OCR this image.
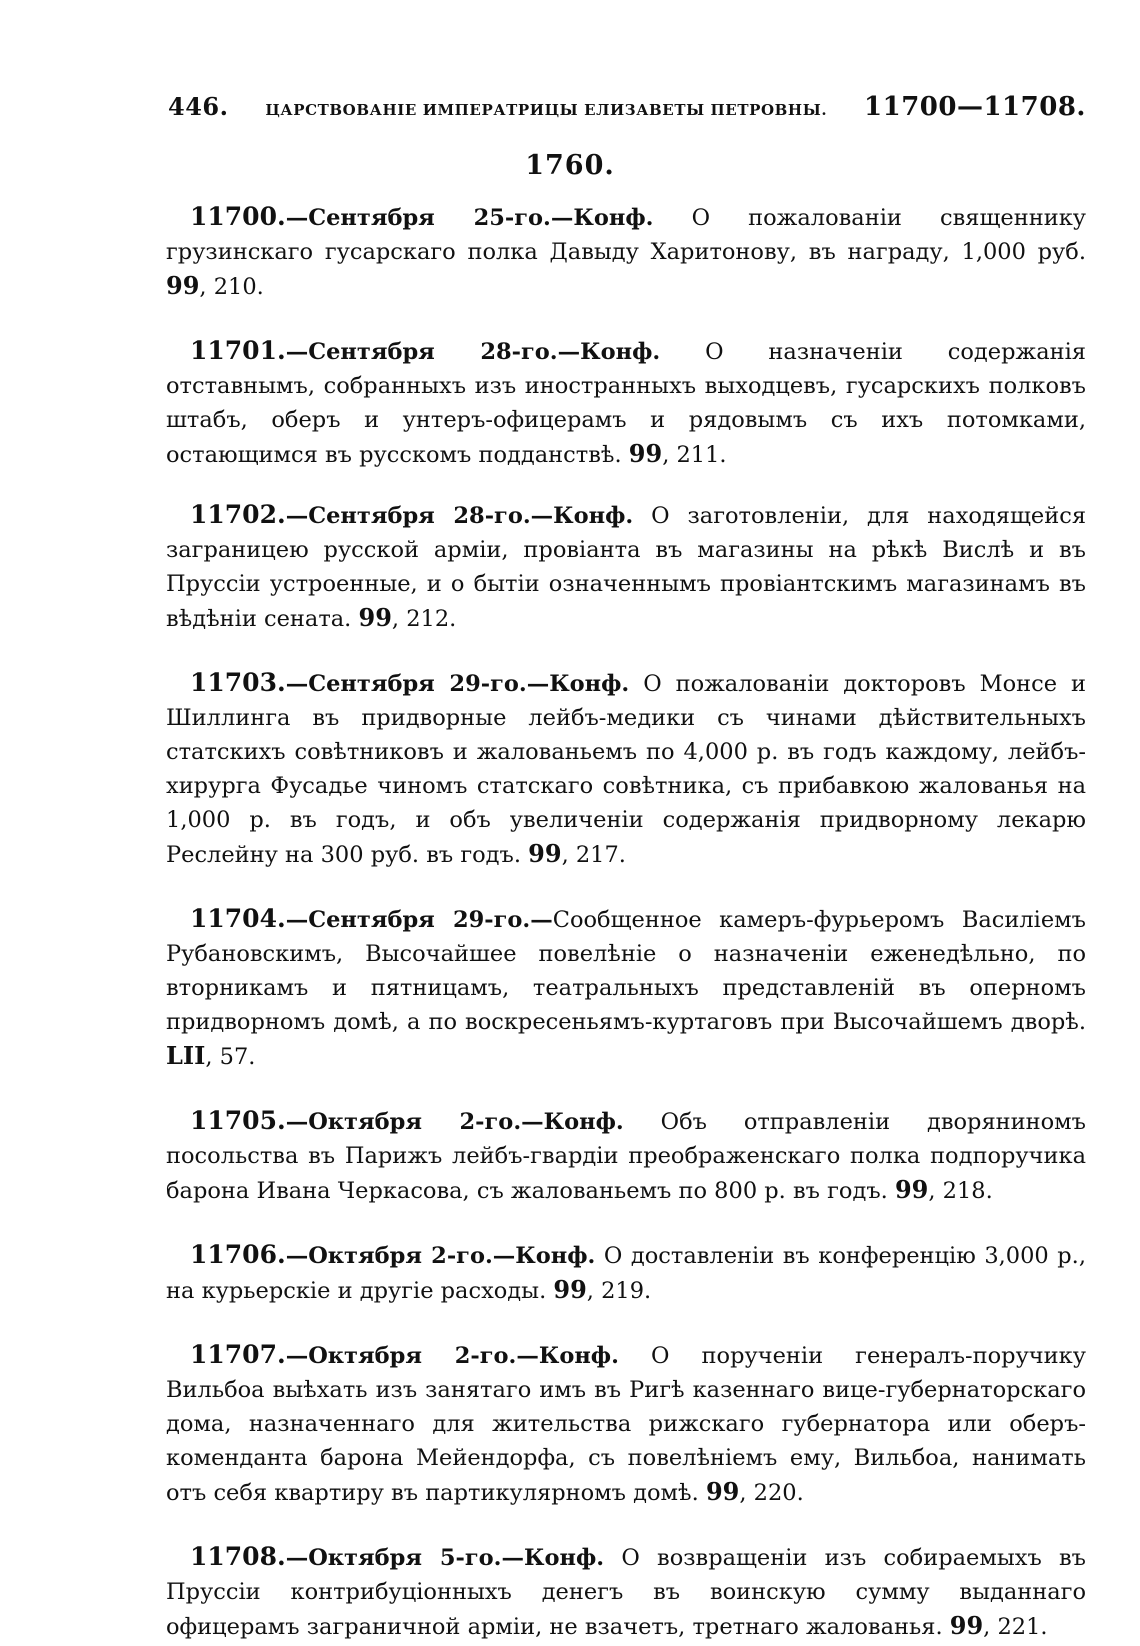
446. ЦАРСТВОВАНІЕ ИМПЕРАТРИЦЫ ЕЛИЗАВЕТЫ ПЕТРОВНЫ. 11700—11708.
1760.

11700.—Сентября 25-го.—Конф. О пожалованіи священнику грузинскаго гусарскаго полка Давыду Харитонову, въ награду, 1,000 руб. 99, 210.

11701.—Сентября 28-го.—Конф. О назначеніи содержанія отставнымъ, собранныхъ изъ иностранныхъ выходцевъ, гусарскихъ полковъ штабъ, оберъ и унтеръ-офицерамъ и рядовымъ съ ихъ потомками, остающимся въ русскомъ подданствѣ. 99, 211.

11702.—Сентября 28-го.—Конф. О заготовленіи, для находящейся заграницею русской арміи, провіанта въ магазины на рѣкѣ Вислѣ и въ Пруссіи устроенные, и о бытіи означеннымъ провіантскимъ магазинамъ въ вѣдѣніи сената. 99, 212.

11703.—Сентября 29-го.—Конф. О пожалованіи докторовъ Монсе и Шиллинга въ придворные лейбъ-медики съ чинами дѣйствительныхъ статскихъ совѣтниковъ и жалованьемъ по 4,000 р. въ годъ каждому, лейбъ-хирурга Фусадье чиномъ статскаго совѣтника, съ прибавкою жалованья на 1,000 р. въ годъ, и объ увеличеніи содержанія придворному лекарю Реслейну на 300 руб. въ годъ. 99, 217.

11704.—Сентября 29-го.—Сообщенное камеръ-фурьеромъ Василіемъ Рубановскимъ, Высочайшее повелѣніе о назначеніи еженедѣльно, по вторникамъ и пятницамъ, театральныхъ представленій въ оперномъ придворномъ домѣ, а по воскресеньямъ-куртаговъ при Высочайшемъ дворѣ. LII, 57.

11705.—Октября 2-го.—Конф. Объ отправленіи дворяниномъ посольства въ Парижъ лейбъ-гвардіи преображенскаго полка подпоручика барона Ивана Черкасова, съ жалованьемъ по 800 р. въ годъ. 99, 218.

11706.—Октября 2-го.—Конф. О доставленіи въ конференцію 3,000 р., на курьерскіе и другіе расходы. 99, 219.

11707.—Октября 2-го.—Конф. О порученіи генералъ-поручику Вильбоа выѣхать изъ занятаго имъ въ Ригѣ казеннаго вице-губернаторскаго дома, назначеннаго для жительства рижскаго губернатора или оберъ-коменданта барона Мейендорфа, съ повелѣніемъ ему, Вильбоа, нанимать отъ себя квартиру въ партикулярномъ домѣ. 99, 220.

11708.—Октября 5-го.—Конф. О возвращеніи изъ собираемыхъ въ Пруссіи контрибуціонныхъ денегъ въ воинскую сумму выданнаго офицерамъ заграничной арміи, не взачетъ, третнаго жалованья. 99, 221.
